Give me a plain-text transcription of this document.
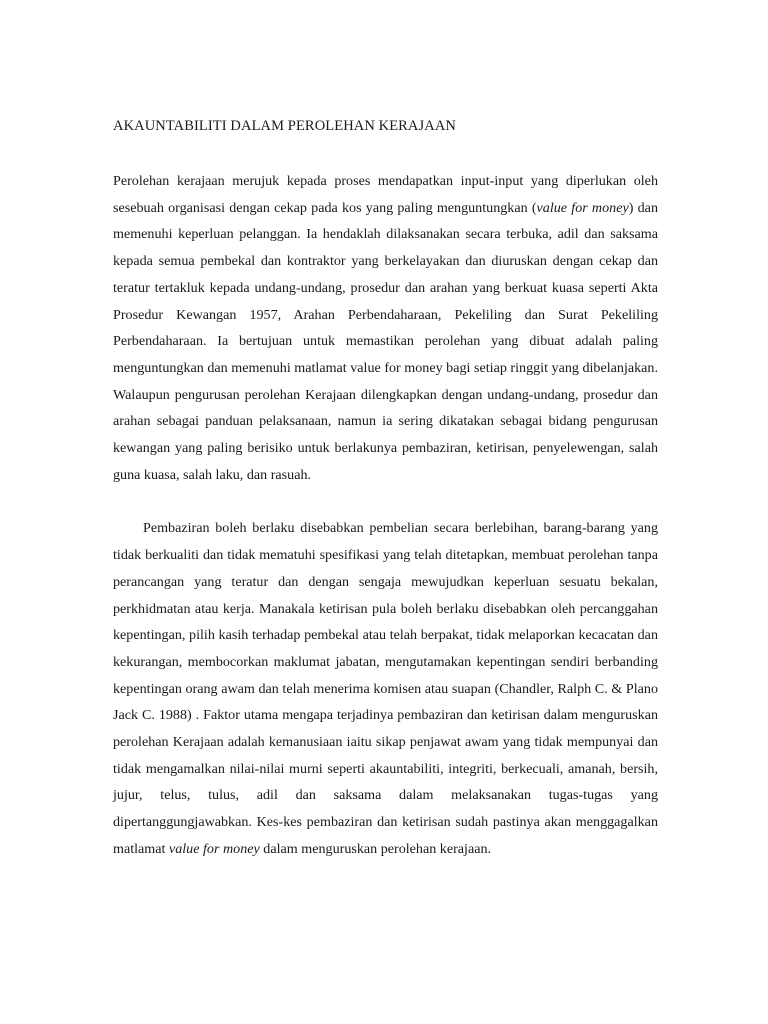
AKAUNTABILITI DALAM PEROLEHAN KERAJAAN

Perolehan kerajaan merujuk kepada proses mendapatkan input-input yang diperlukan oleh sesebuah organisasi dengan cekap pada kos yang paling menguntungkan (value for money) dan memenuhi keperluan pelanggan. Ia hendaklah dilaksanakan secara terbuka, adil dan saksama kepada semua pembekal dan kontraktor yang berkelayakan dan diuruskan dengan cekap dan teratur tertakluk kepada undang-undang, prosedur dan arahan yang berkuat kuasa seperti Akta Prosedur Kewangan 1957, Arahan Perbendaharaan, Pekeliling dan Surat Pekeliling Perbendaharaan. Ia bertujuan untuk memastikan perolehan yang dibuat adalah paling menguntungkan dan memenuhi matlamat value for money bagi setiap ringgit yang dibelanjakan. Walaupun pengurusan perolehan Kerajaan dilengkapkan dengan undang-undang, prosedur dan arahan sebagai panduan pelaksanaan, namun ia sering dikatakan sebagai bidang pengurusan kewangan yang paling berisiko untuk berlakunya pembaziran, ketirisan, penyelewengan, salah guna kuasa, salah laku, dan rasuah.

Pembaziran boleh berlaku disebabkan pembelian secara berlebihan, barang-barang yang tidak berkualiti dan tidak mematuhi spesifikasi yang telah ditetapkan, membuat perolehan tanpa perancangan yang teratur dan dengan sengaja mewujudkan keperluan sesuatu bekalan, perkhidmatan atau kerja. Manakala ketirisan pula boleh berlaku disebabkan oleh percanggahan kepentingan, pilih kasih terhadap pembekal atau telah berpakat, tidak melaporkan kecacatan dan kekurangan, membocorkan maklumat jabatan, mengutamakan kepentingan sendiri berbanding kepentingan orang awam dan telah menerima komisen atau suapan (Chandler, Ralph C. & Plano Jack C. 1988) . Faktor utama mengapa terjadinya pembaziran dan ketirisan dalam menguruskan perolehan Kerajaan adalah kemanusiaan iaitu sikap penjawat awam yang tidak mempunyai dan tidak mengamalkan nilai-nilai murni seperti akauntabiliti, integriti, berkecuali, amanah, bersih, jujur, telus, tulus, adil dan saksama dalam melaksanakan tugas-tugas yang dipertanggungjawabkan. Kes-kes pembaziran dan ketirisan sudah pastinya akan menggagalkan matlamat value for money dalam menguruskan perolehan kerajaan.
